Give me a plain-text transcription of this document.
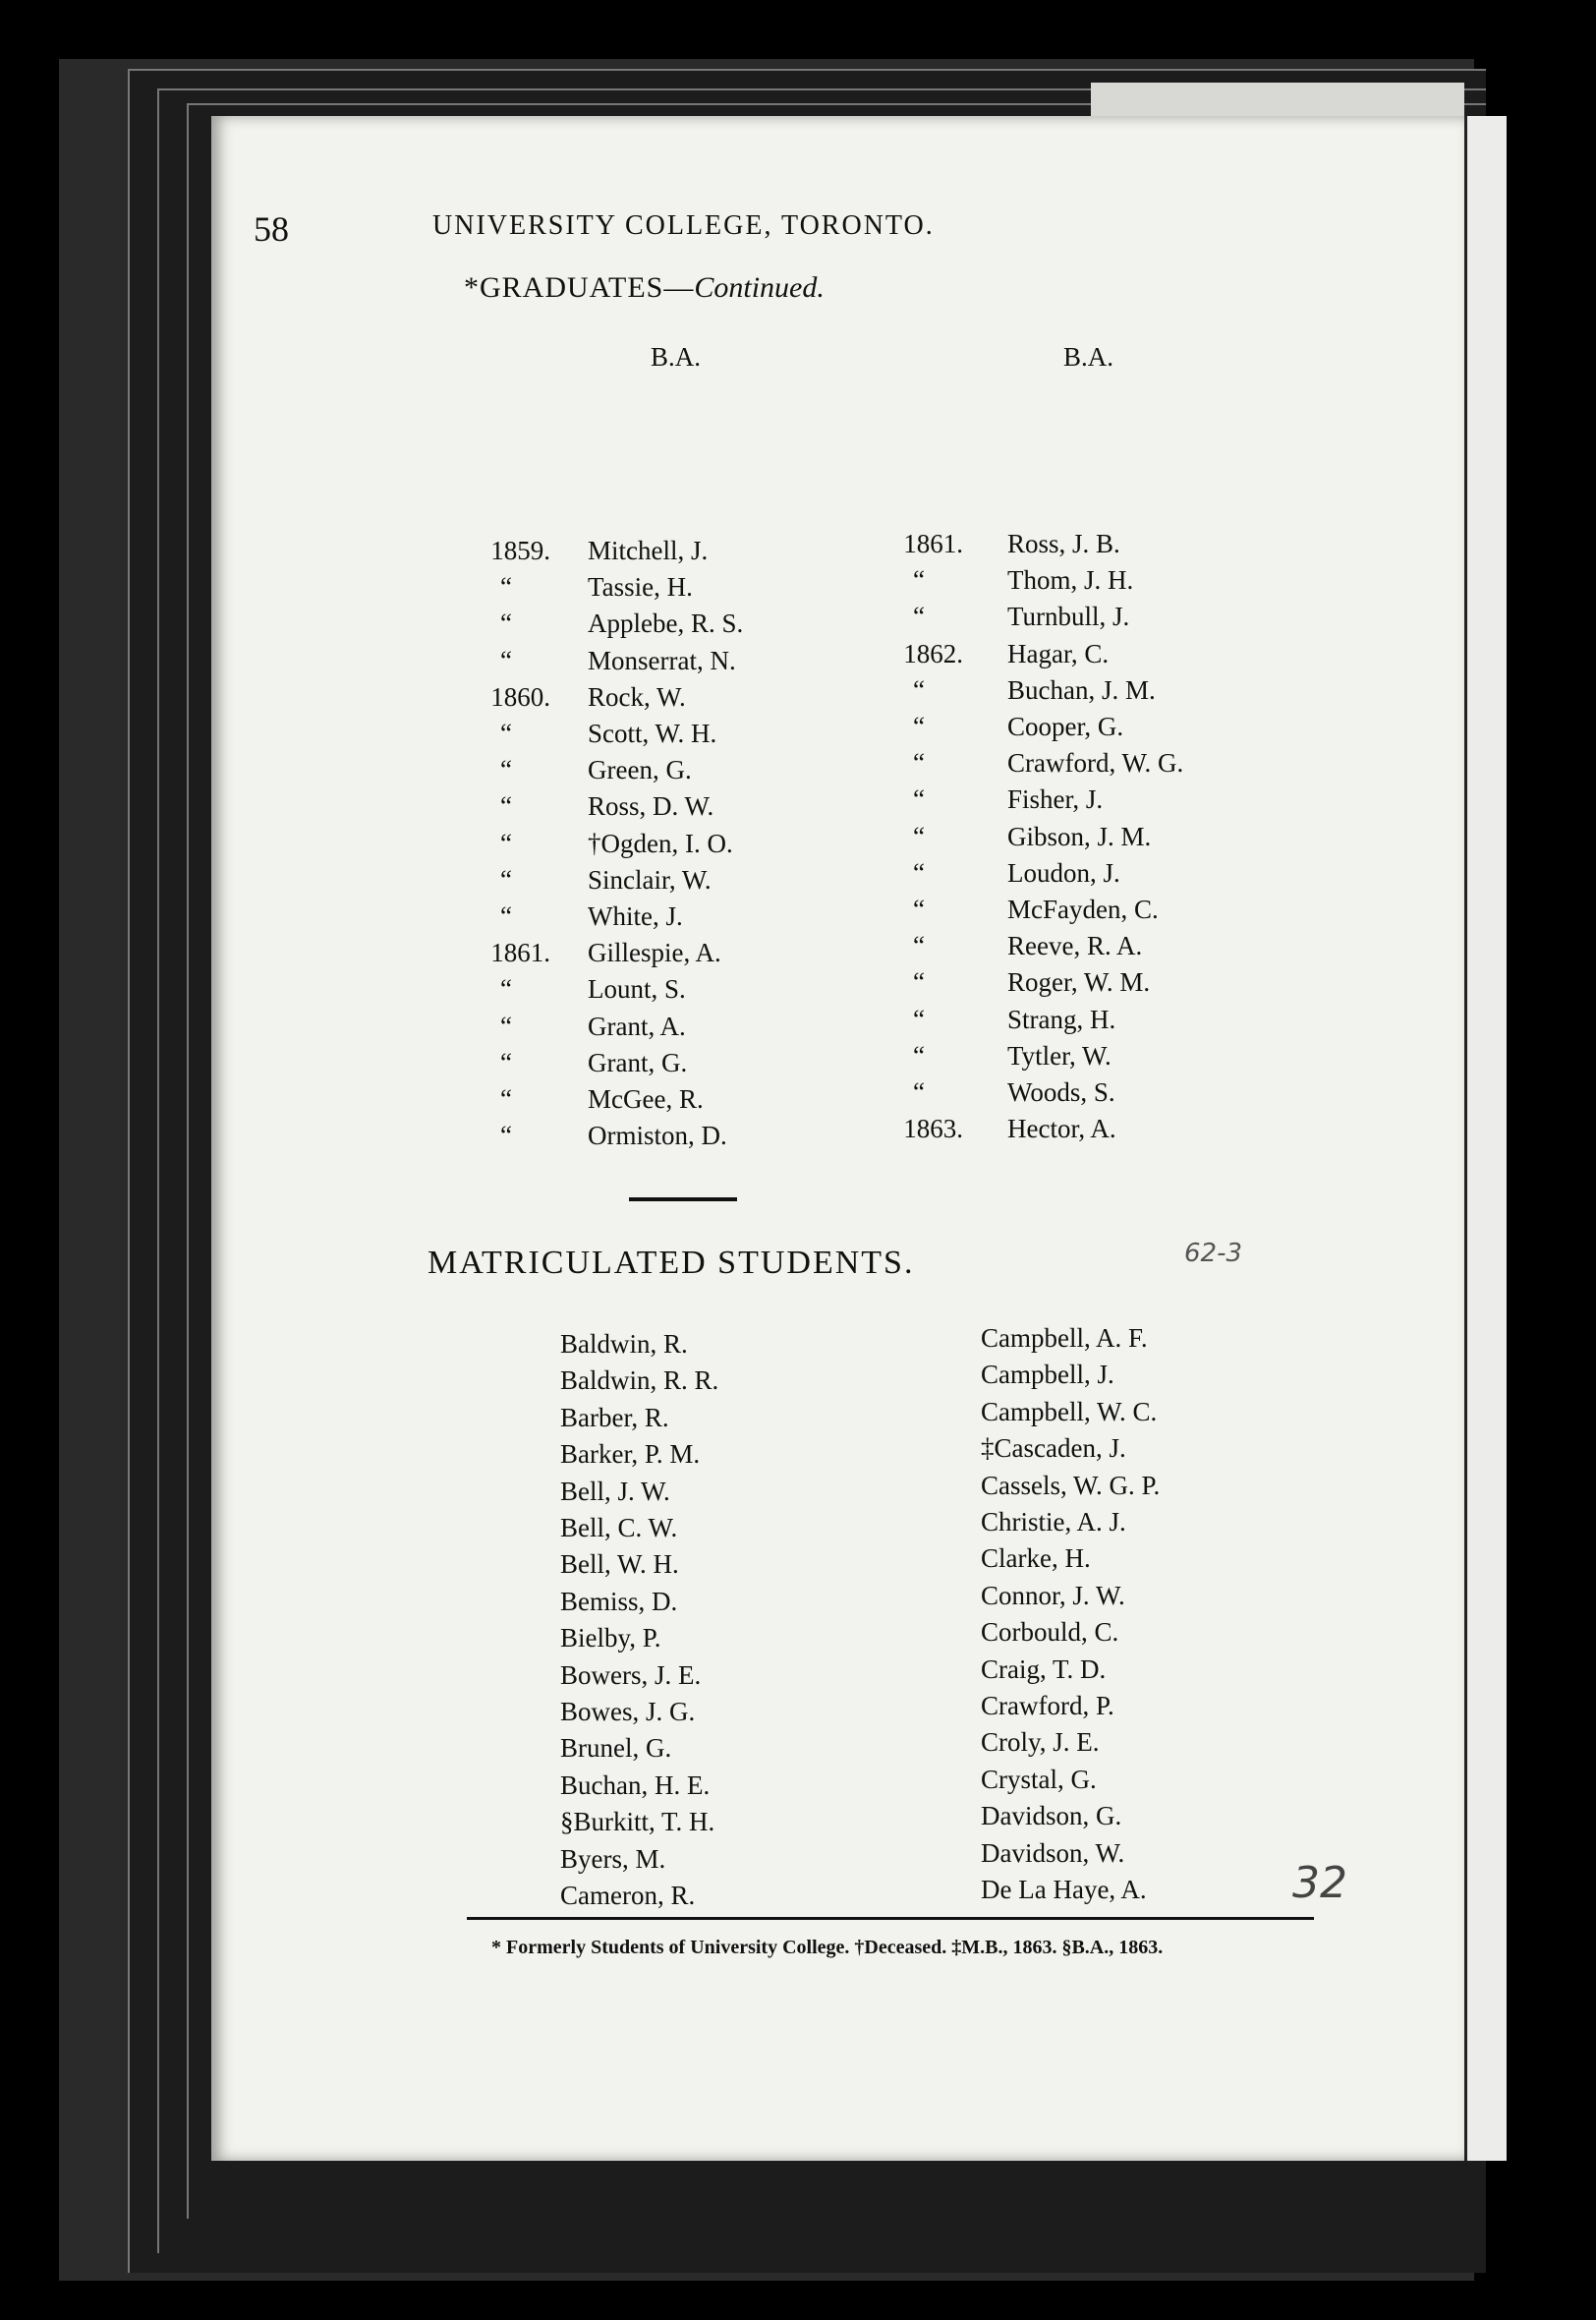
58	UNIVERSITY COLLEGE, TORONTO.
*GRADUATES—Continued.
B.A.	B.A.
1859. Mitchell, J.
“	Tassie, H.
“	Applebe, R. S.
“	Monserrat, N.
1860. Rock, W.
“	Scott, W. H.
“	Green, G.
“	Ross, D. W.
“	†Ogden, I. O.
“	Sinclair, W.
“	White, J.
1861. Gillespie, A.
“	Lount, S.
“	Grant, A.
“	Grant, G.
“	McGee, R.
“	Ormiston, D.
1861. Ross, J. B.
“	Thom, J. H.
“	Turnbull, J.
1862. Hagar, C.
“	Buchan, J. M.
“	Cooper, G.
“	Crawford, W. G.
“	Fisher, J.
“	Gibson, J. M.
“	Loudon, J.
“	McFayden, C.
“	Reeve, R. A.
“	Roger, W. M.
“	Strang, H.
“	Tytler, W.
“	Woods, S.
1863. Hector, A.
MATRICULATED STUDENTS.	62-3
Baldwin, R.
Baldwin, R. R.
Barber, R.
Barker, P. M.
Bell, J. W.
Bell, C. W.
Bell, W. H.
Bemiss, D.
Bielby, P.
Bowers, J. E.
Bowes, J. G.
Brunel, G.
Buchan, H. E.
§Burkitt, T. H.
Byers, M.
Cameron, R.
Campbell, A. F.
Campbell, J.
Campbell, W. C.
‡Cascaden, J.
Cassels, W. G. P.
Christie, A. J.
Clarke, H.
Connor, J. W.
Corbould, C.
Craig, T. D.
Crawford, P.
Croly, J. E.
Crystal, G.
Davidson, G.
Davidson, W.
De La Haye, A.	32
* Formerly Students of University College. †Deceased. ‡M.B., 1863. §B.A., 1863.
